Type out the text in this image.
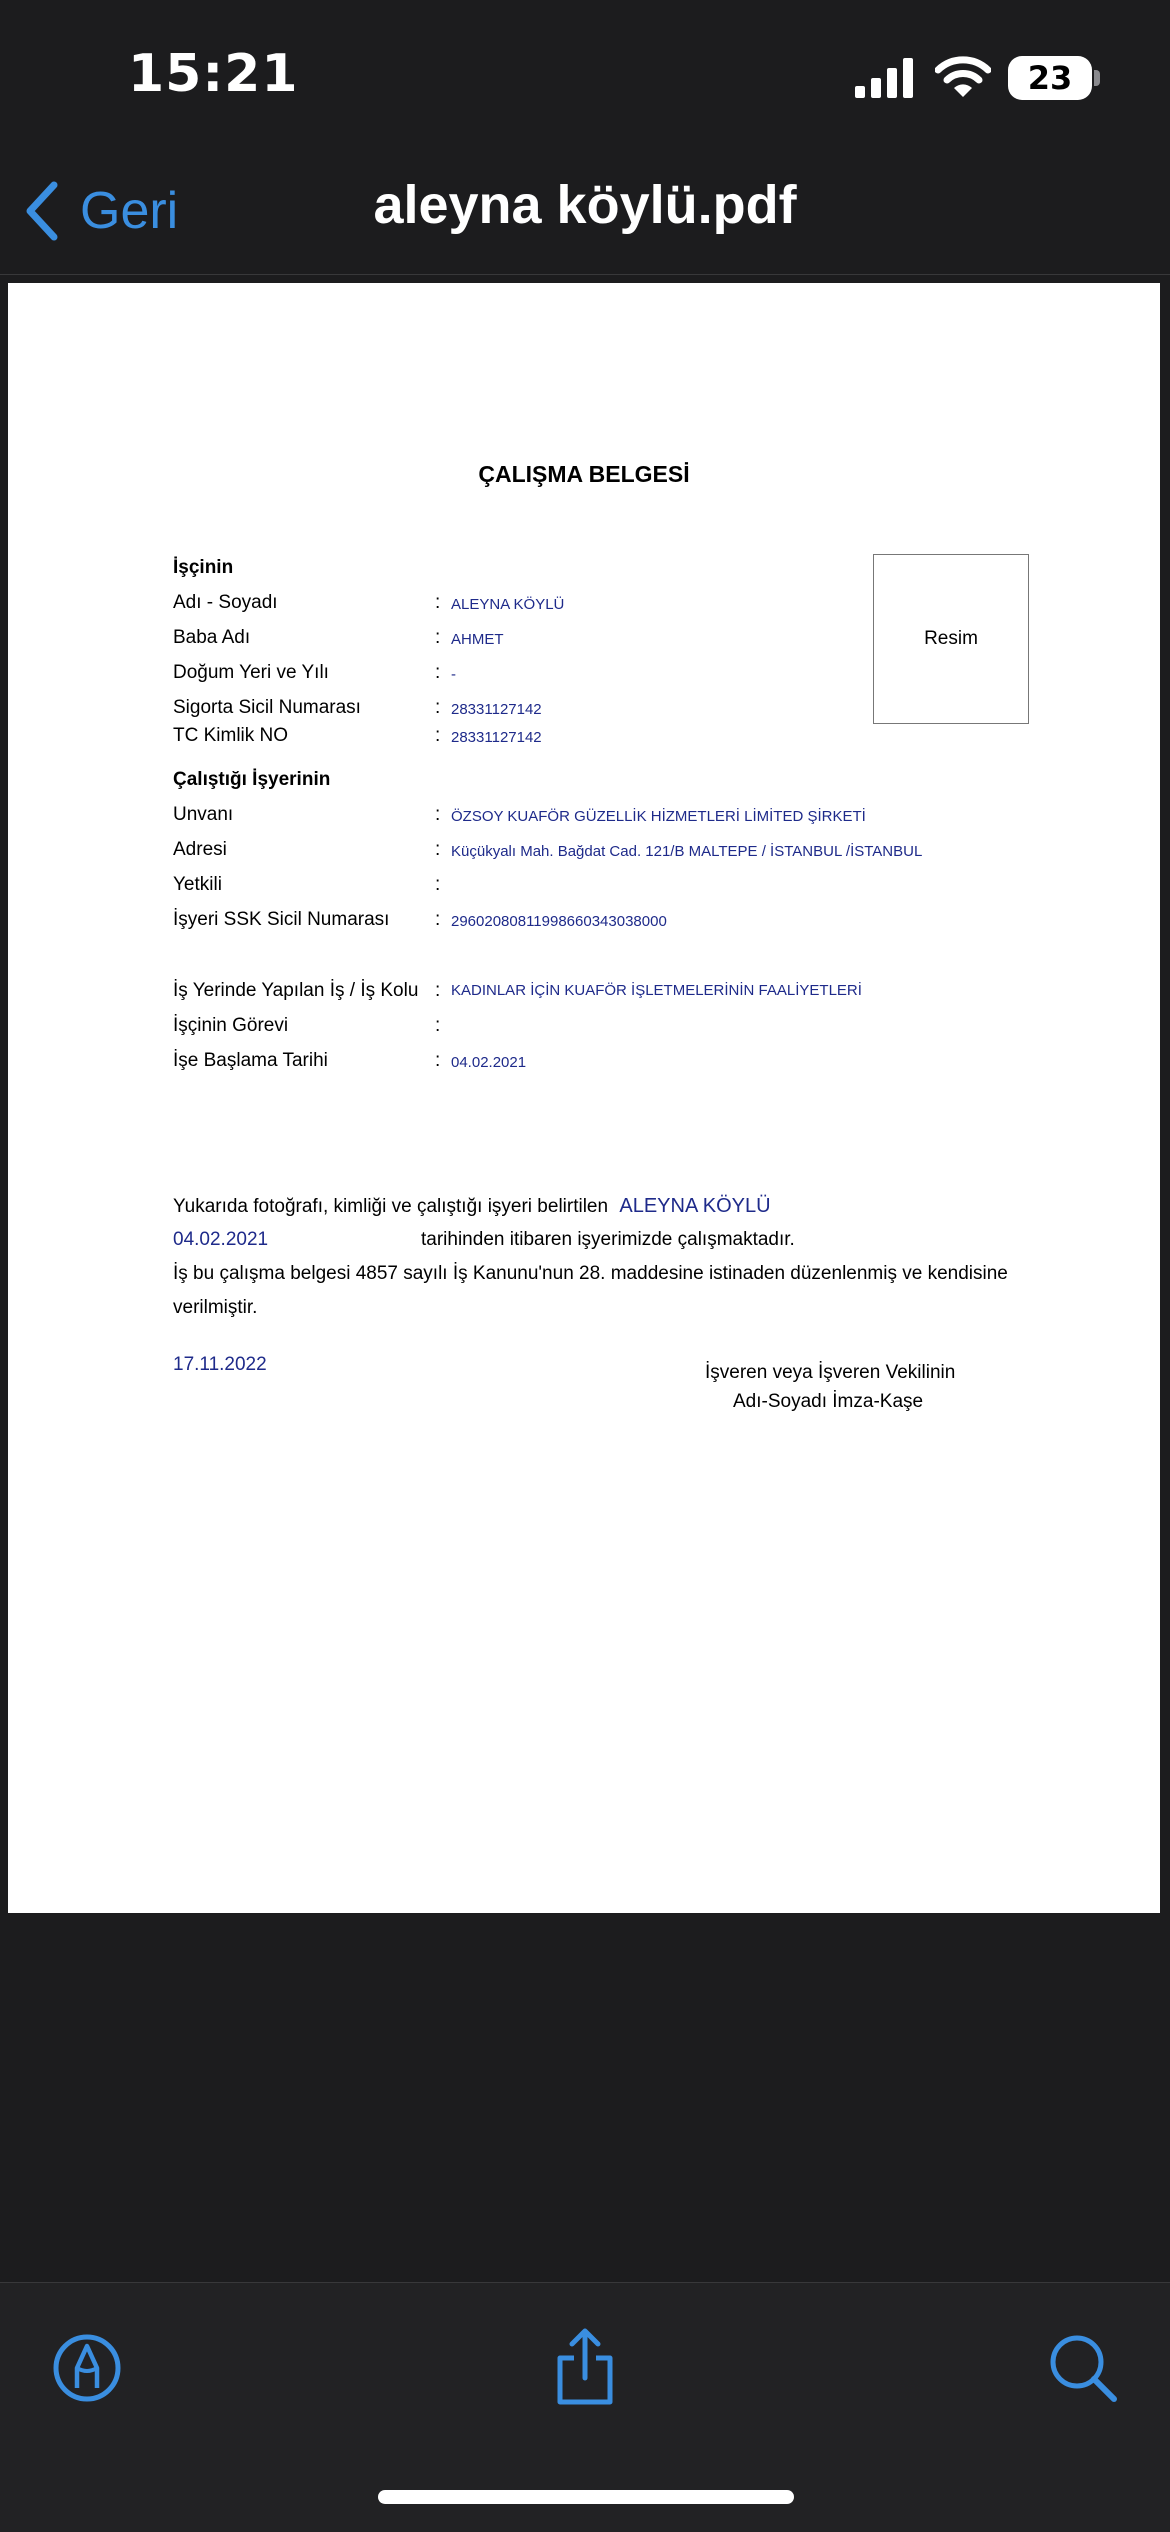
15:21	23
Geri	aleyna köylü.pdf
ÇALIŞMA BELGESİ
Resim
İşçinin
Adı - Soyadı	: ALEYNA KÖYLÜ
Baba Adı	: AHMET
Doğum Yeri ve Yılı	: -
Sigorta Sicil Numarası	: 28331127142
TC Kimlik NO	: 28331127142
Çalıştığı İşyerinin
Unvanı	: ÖZSOY KUAFÖR GÜZELLİK HİZMETLERİ LİMİTED ŞİRKETİ
Adresi	: Küçükyalı Mah. Bağdat Cad. 121/B MALTEPE / İSTANBUL /İSTANBUL
Yetkili	:
İşyeri SSK Sicil Numarası : 2960208081199866034303800​0
İş Yerinde Yapılan İş / İş Kolu : KADINLAR İÇİN KUAFÖR İŞLETMELERİNİN FAALİYETLERİ
İşçinin Görevi	:
İşe Başlama Tarihi	: 04.02.2021
Yukarıda fotoğrafı, kimliği ve çalıştığı işyeri belirtilen ALEYNA KÖYLÜ
04.02.2021	tarihinden itibaren işyerimizde çalışmaktadır.
İş bu çalışma belgesi 4857 sayılı İş Kanunu'nun 28. maddesine istinaden düzenlenmiş ve kendisine
verilmiştir.
17.11.2022	İşveren veya İşveren Vekilinin
Adı-Soyadı İmza-Kaşe
